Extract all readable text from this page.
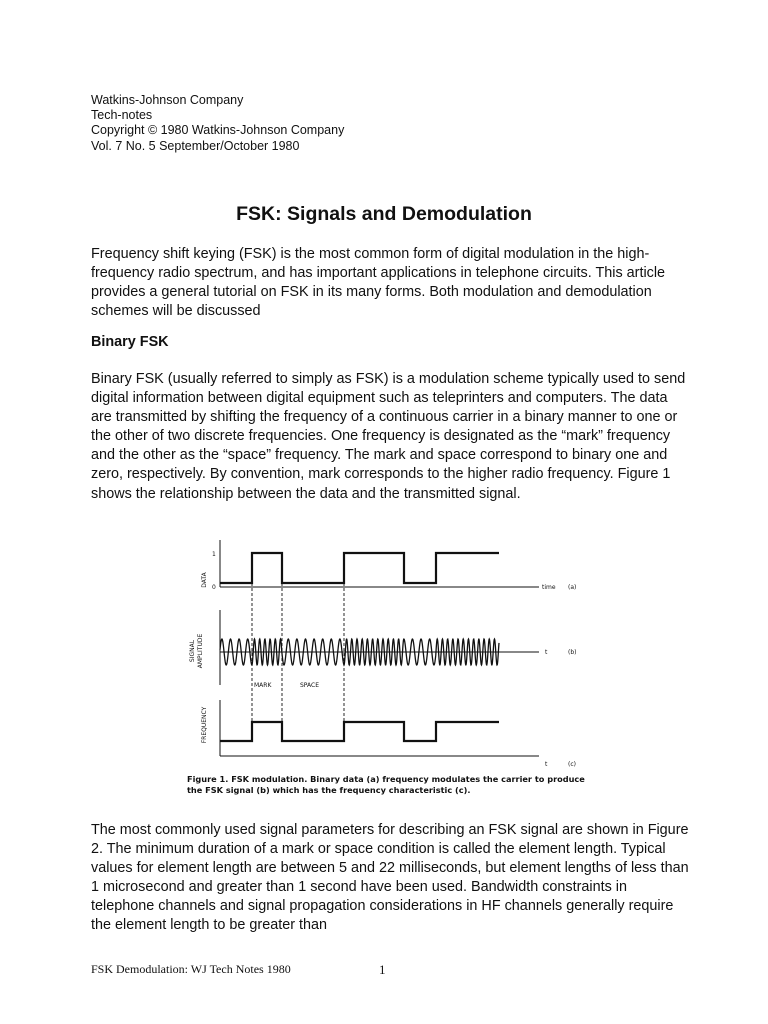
Watkins-Johnson Company
Tech-notes
Copyright © 1980 Watkins-Johnson Company
Vol. 7 No. 5 September/October 1980
FSK: Signals and Demodulation

Frequency shift keying (FSK) is the most common form of digital modulation in the high-frequency radio spectrum, and has important applications in telephone circuits. This article provides a general tutorial on FSK in its many forms. Both modulation and demodulation schemes will be discussed

Binary FSK

Binary FSK (usually referred to simply as FSK) is a modulation scheme typically used to send digital information between digital equipment such as teleprinters and computers. The data are transmitted by shifting the frequency of a continuous carrier in a binary manner to one or the other of two discrete frequencies. One frequency is designated as the “mark” frequency and the other as the “space” frequency. The mark and space correspond to binary one and zero, respectively. By convention, mark corresponds to the higher radio frequency. Figure 1 shows the relationship between the data and the transmitted signal.

DATA
1
0	time (a)
SIGNAL AMPLITUDE	t	(b)
MARK	SPACE
FREQUENCY
t	(c)
Figure 1. FSK modulation. Binary data (a) frequency modulates the carrier to produce
the FSK signal (b) which has the frequency characteristic (c).

The most commonly used signal parameters for describing an FSK signal are shown in Figure 2. The minimum duration of a mark or space condition is called the element length. Typical values for element length are between 5 and 22 milliseconds, but element lengths of less than 1 microsecond and greater than 1 second have been used. Bandwidth constraints in telephone channels and signal propagation considerations in HF channels generally require the element length to be greater than

FSK Demodulation: WJ Tech Notes 1980	1
